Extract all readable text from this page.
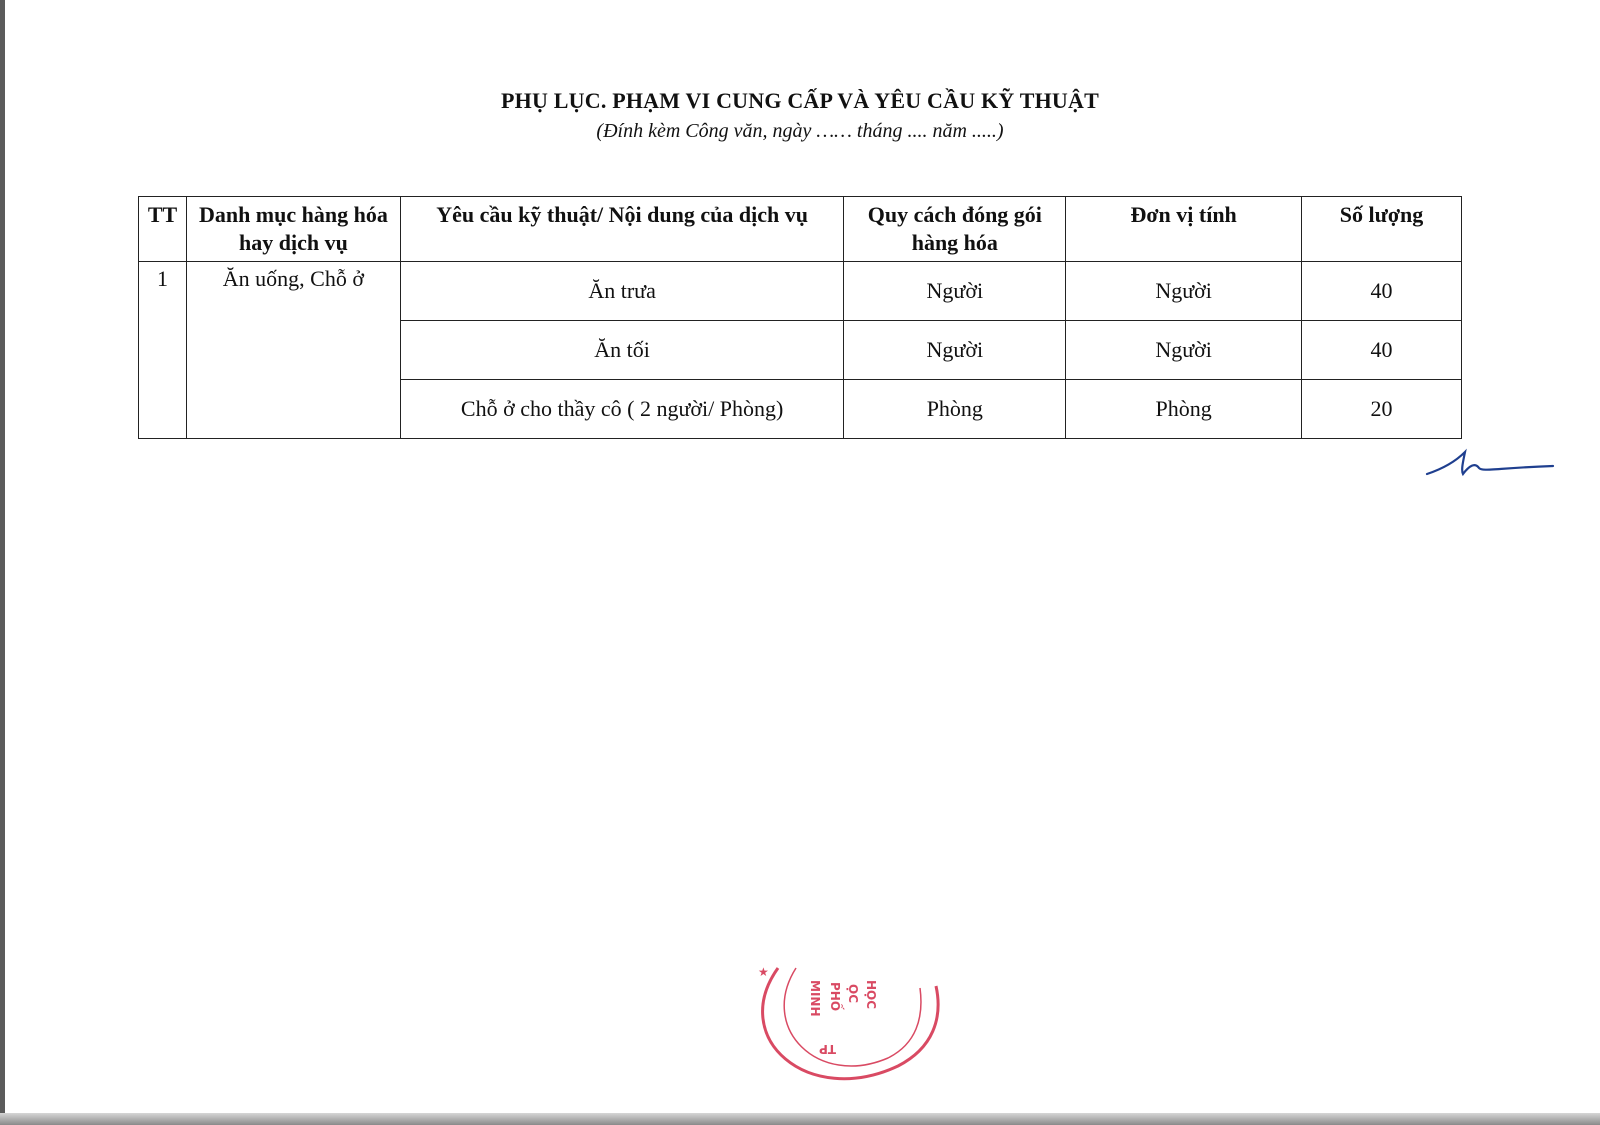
PHỤ LỤC. PHẠM VI CUNG CẤP VÀ YÊU CẦU KỸ THUẬT
(Đính kèm Công văn, ngày …… tháng .... năm .....)
TT	Danh mục hàng hóa hay dịch vụ	Yêu cầu kỹ thuật/ Nội dung của dịch vụ	Quy cách đóng gói hàng hóa	Đơn vị tính	Số lượng
1	Ăn uống, Chỗ ở	Ăn trưa	Người	Người	40
		Ăn tối	Người	Người	40
		Chỗ ở cho thầy cô ( 2 người/ Phòng)	Phòng	Phòng	20
★
HỌC
ỌC
PHỐ
MINH
TP
